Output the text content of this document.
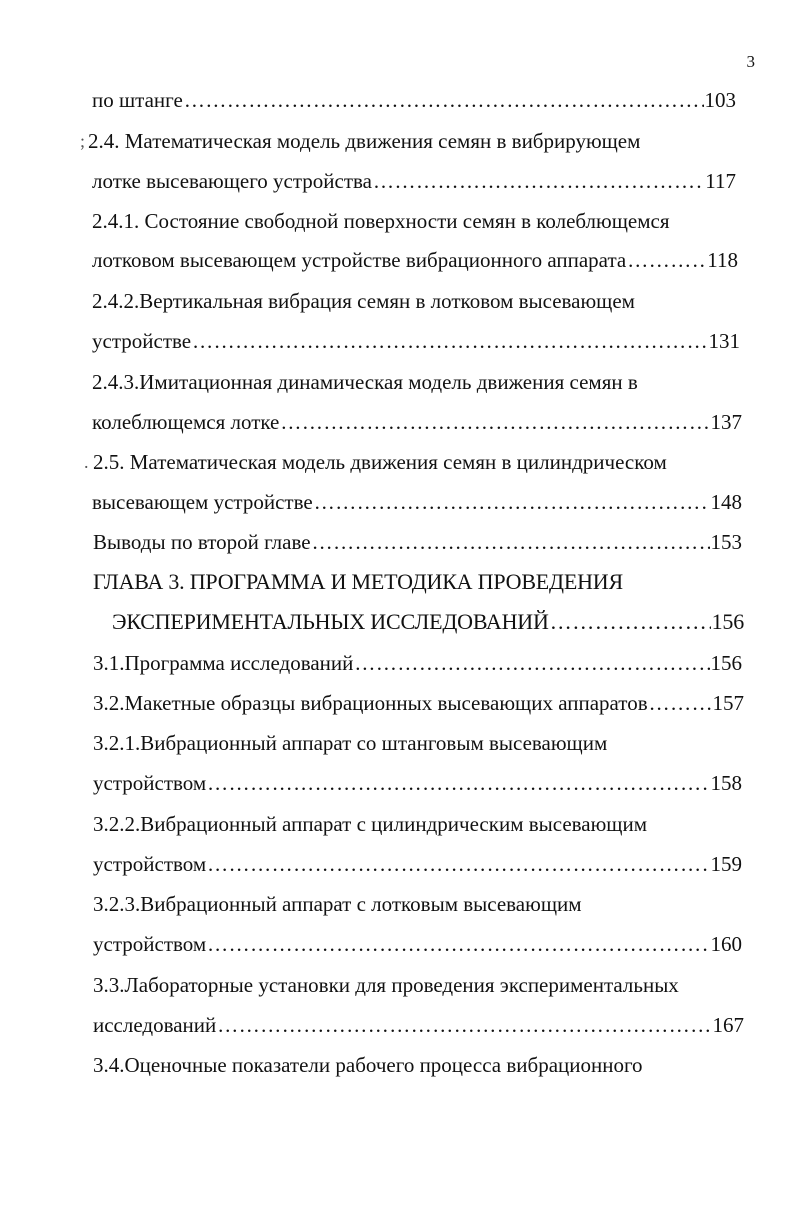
3
по штанге ……………………………………………………………………………………………………………………………………………………	103
; 2.4. Математическая модель движения семян в вибрирующем
лотке высевающего устройства ……………………………………………………………………………………………………………………………………………………	117
2.4.1. Состояние свободной поверхности семян в колеблющемся
лотковом высевающем устройстве вибрационного аппарата ……………………………………………………………………………………………………………………………………………………	118
2.4.2.Вертикальная вибрация семян в лотковом высевающем
устройстве ……………………………………………………………………………………………………………………………………………………	131
2.4.3.Имитационная динамическая модель движения семян в
колеблющемся лотке ……………………………………………………………………………………………………………………………………………………	137
. 2.5. Математическая модель движения семян в цилиндрическом
высевающем устройстве ……………………………………………………………………………………………………………………………………………………	148
Выводы по второй главе ……………………………………………………………………………………………………………………………………………………	153
ГЛАВА 3. ПРОГРАММА И МЕТОДИКА ПРОВЕДЕНИЯ
ЭКСПЕРИМЕНТАЛЬНЫХ ИССЛЕДОВАНИЙ ……………………………………………………………………………………………………………………………………………………	156
3.1.Программа исследований ……………………………………………………………………………………………………………………………………………………	156
3.2.Макетные образцы вибрационных высевающих аппаратов ……………………………………………………………………………………………………………………………………………………	157
3.2.1.Вибрационный аппарат со штанговым высевающим
устройством ……………………………………………………………………………………………………………………………………………………	158
3.2.2.Вибрационный аппарат с цилиндрическим высевающим
устройством ……………………………………………………………………………………………………………………………………………………	159
3.2.3.Вибрационный аппарат с лотковым высевающим
устройством ……………………………………………………………………………………………………………………………………………………	160
3.3.Лабораторные установки для проведения экспериментальных
исследований ……………………………………………………………………………………………………………………………………………………	167
3.4.Оценочные показатели рабочего процесса вибрационного
